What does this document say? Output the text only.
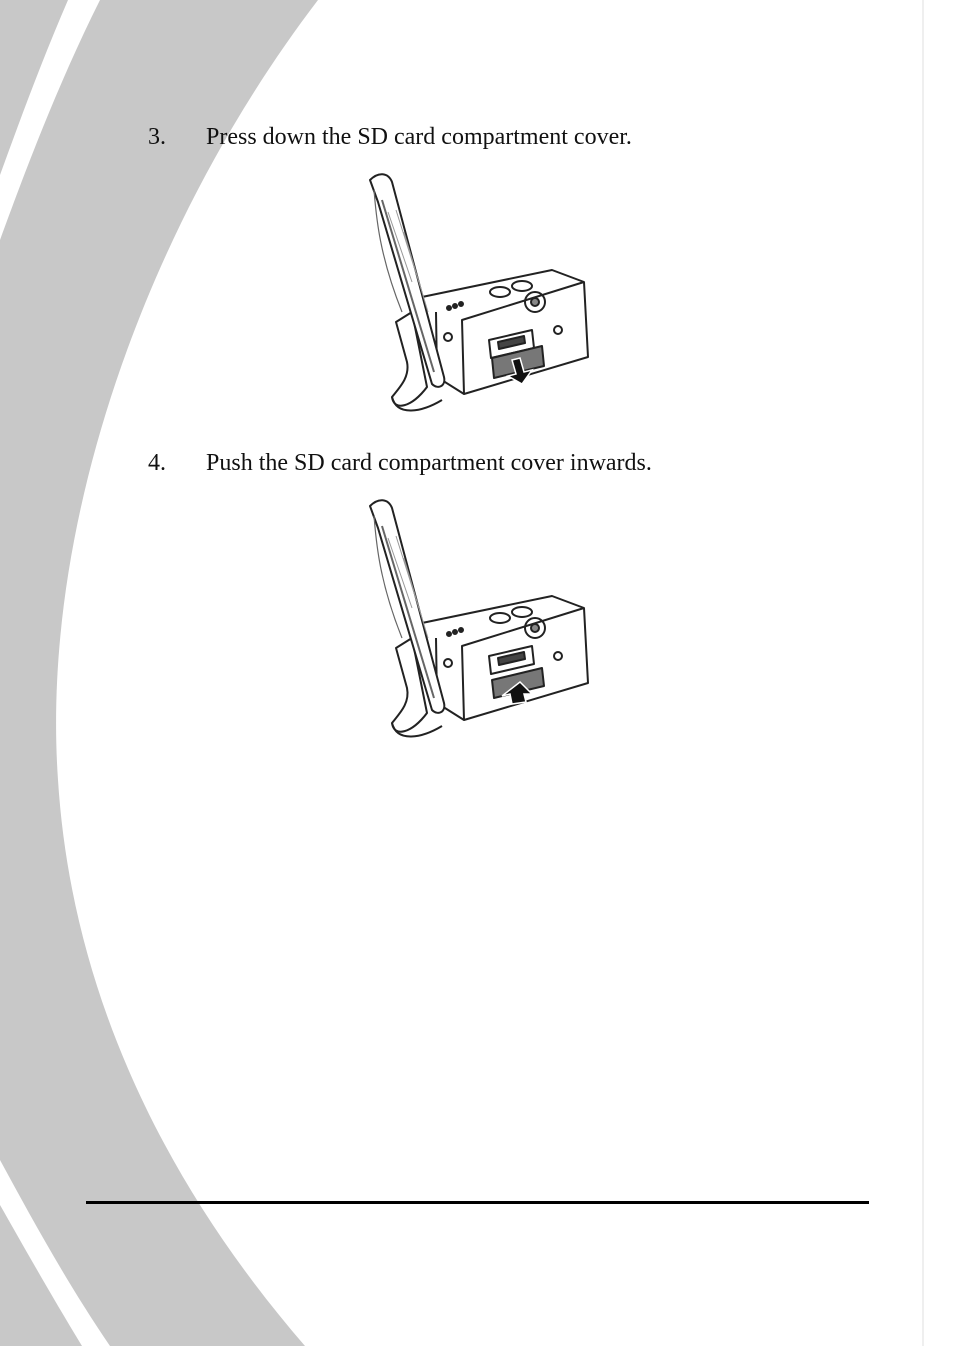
3. Press down the SD card compartment cover.
4. Push the SD card compartment cover inwards.
